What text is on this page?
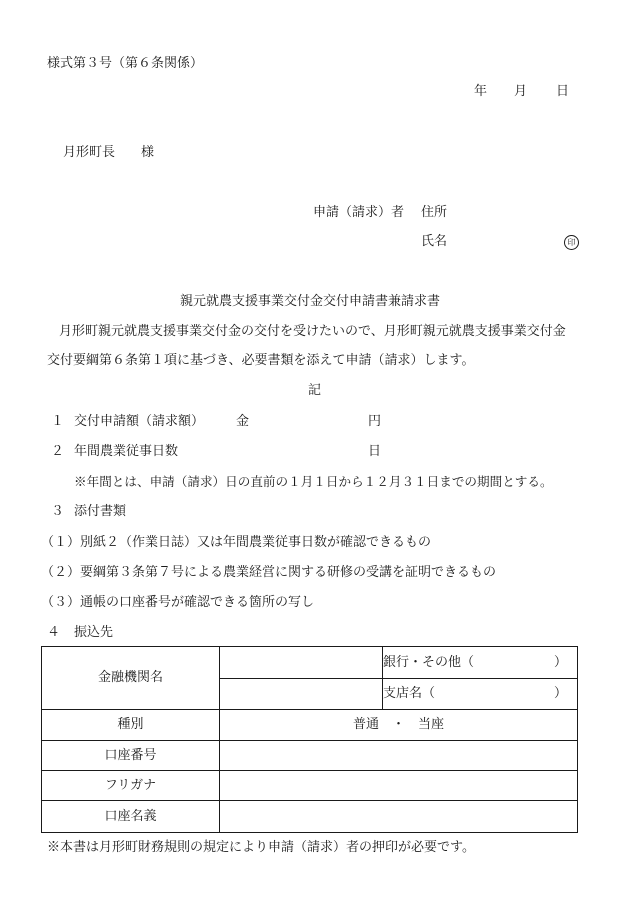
様式第３号（第６条関係）
年 月 日
月形町長 様
申請（請求）者 住所
氏名	印
親元就農支援事業交付金交付申請書兼請求書
月形町親元就農支援事業交付金の交付を受けたいので、月形町親元就農支援事業交付金
交付要綱第６条第１項に基づき、必要書類を添えて申請（請求）します。
記
１ 交付申請額（請求額） 金	円
２ 年間農業従事日数	日
※年間とは、申請（請求）日の直前の１月１日から１２月３１日までの期間とする。
３ 添付書類
（１）別紙２（作業日誌）又は年間農業従事日数が確認できるもの
（２）要綱第３条第７号による農業経営に関する研修の受講を証明できるもの
（３）通帳の口座番号が確認できる箇所の写し
４ 振込先
金融機関名		銀行・その他（ ）

		支店名（ ）

種別	普通　・　当座	
口座番号		
フリガナ		
口座名義		
※本書は月形町財務規則の規定により申請（請求）者の押印が必要です。
